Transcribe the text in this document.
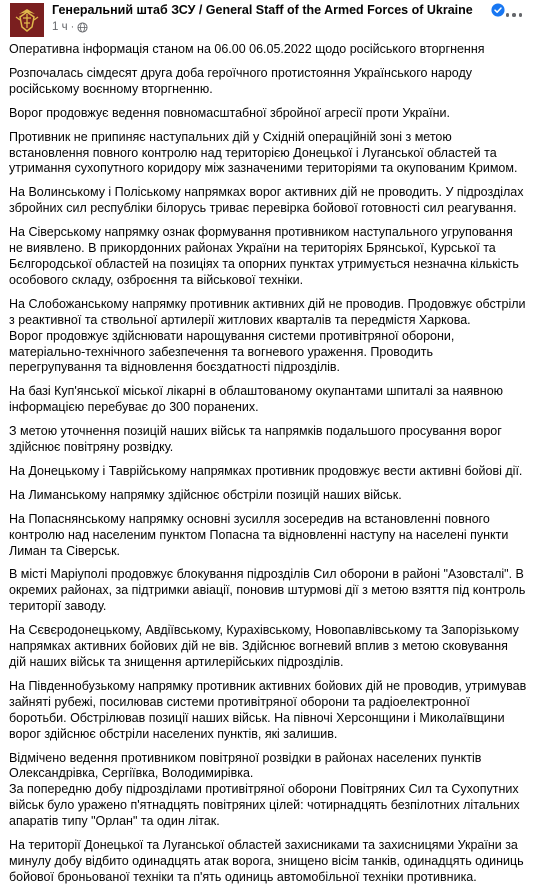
Генеральний штаб ЗСУ / General Staff of the Armed Forces of Ukraine
1 ч ·

Оперативна інформація станом на 06.00 06.05.2022 щодо російського вторгнення

Розпочалась сімдесят друга доба героїчного протистояння Українського народу російському воєнному вторгненню.

Ворог продовжує ведення повномасштабної збройної агресії проти України.

Противник не припиняє наступальних дій у Східній операційній зоні з метою встановлення повного контролю над територією Донецької і Луганської областей та утримання сухопутного коридору між зазначеними територіями та окупованим Кримом.

На Волинському і Поліському напрямках ворог активних дій не проводить. У підрозділах збройних сил республіки білорусь триває перевірка бойової готовності сил реагування.

На Сіверському напрямку ознак формування противником наступального угруповання не виявлено. В прикордонних районах України на територіях Брянської, Курської та Бєлгородської областей на позиціях та опорних пунктах утримується незначна кількість особового складу, озброєння та військової техніки.

На Слобожанському напрямку противник активних дій не проводив. Продовжує обстріли з реактивної та ствольної артилерії житлових кварталів та передмістя Харкова.
Ворог продовжує здійснювати нарощування системи противітряної оборони, матеріально-технічного забезпечення та вогневого ураження. Проводить перегрупування та відновлення боєздатності підрозділів.

На базі Куп'янської міської лікарні в облаштованому окупантами шпиталі за наявною інформацією перебуває до 300 поранених.

З метою уточнення позицій наших військ та напрямків подальшого просування ворог здійснює повітряну розвідку.

На Донецькому і Таврійському напрямках противник продовжує вести активні бойові дії.

На Лиманському напрямку здійснює обстріли позицій наших військ.

На Попаснянському напрямку основні зусилля зосередив на встановленні повного контролю над населеним пунктом Попасна та відновленні наступу на населені пункти Лиман та Сіверськ.

В місті Маріуполі продовжує блокування підрозділів Сил оборони в районі "Азовсталі". В окремих районах, за підтримки авіації, поновив штурмові дії з метою взяття під контроль території заводу.

На Сєвєродонецькому, Авдіївському, Курахівському, Новопавлівському та Запорізькому напрямках активних бойових дій не вів. Здійснює вогневий вплив з метою сковування дій наших військ та знищення артилерійських підрозділів.

На Південнобузькому напрямку противник активних бойових дій не проводив, утримував зайняті рубежі, посилював системи противітряної оборони та радіоелектронної боротьби. Обстрілював позиції наших військ. На півночі Херсонщини і Миколаївщини ворог здійснює обстріли населених пунктів, які залишив.

Відмічено ведення противником повітряної розвідки в районах населених пунктів Олександрівка, Сергіївка, Володимирівка.
За попередню добу підрозділами противітряної оборони Повітряних Сил та Сухопутних військ було уражено п'ятнадцять повітряних цілей: чотирнадцять безпілотних літальних апаратів типу "Орлан" та один літак.

На території Донецької та Луганської областей захисниками та захисницями України за минулу добу відбито одинадцять атак ворога, знищено вісім танків, одинадцять одиниць бойової броньованої техніки та п'ять одиниць автомобільної техніки противника.
